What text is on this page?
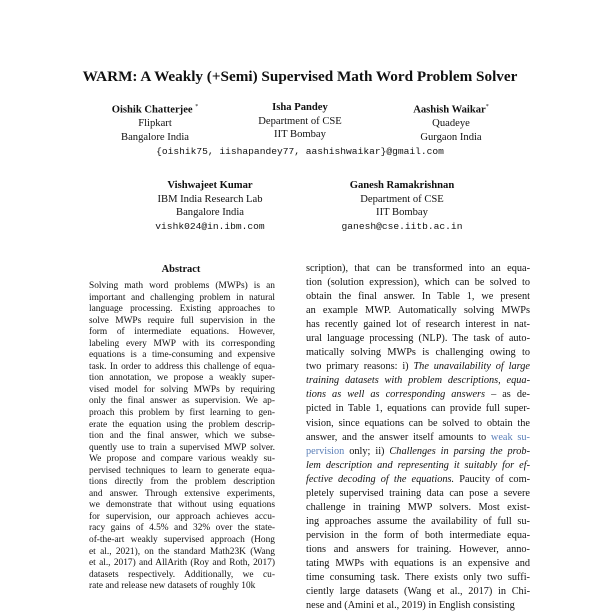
WARM: A Weakly (+Semi) Supervised Math Word Problem Solver
Oishik Chatterjee *
Flipkart
Bangalore India
Isha Pandey
Department of CSE
IIT Bombay
Aashish Waikar*
Quadeye
Gurgaon India
{oishik75, iishapandey77, aashishwaikar}@gmail.com
Vishwajeet Kumar
IBM India Research Lab
Bangalore India
vishk024@in.ibm.com
Ganesh Ramakrishnan
Department of CSE
IIT Bombay
ganesh@cse.iitb.ac.in
Abstract
Solving math word problems (MWPs) is an
important and challenging problem in natural
language processing. Existing approaches to
solve MWPs require full supervision in the
form of intermediate equations. However,
labeling every MWP with its corresponding
equations is a time-consuming and expensive
task. In order to address this challenge of equa-
tion annotation, we propose a weakly super-
vised model for solving MWPs by requiring
only the final answer as supervision. We ap-
proach this problem by first learning to gen-
erate the equation using the problem descrip-
tion and the final answer, which we subse-
quently use to train a supervised MWP solver.
We propose and compare various weakly su-
pervised techniques to learn to generate equa-
tions directly from the problem description
and answer. Through extensive experiments,
we demonstrate that without using equations
for supervision, our approach achieves accu-
racy gains of 4.5% and 32% over the state-
of-the-art weakly supervised approach (Hong
et al., 2021), on the standard Math23K (Wang
et al., 2017) and AllArith (Roy and Roth, 2017)
datasets respectively. Additionally, we cu-
rate and release new datasets of roughly 10k
scription), that can be transformed into an equa-
tion (solution expression), which can be solved to
obtain the final answer. In Table 1, we present
an example MWP. Automatically solving MWPs
has recently gained lot of research interest in nat-
ural language processing (NLP). The task of auto-
matically solving MWPs is challenging owing to
two primary reasons: i) The unavailability of large
training datasets with problem descriptions, equa-
tions as well as corresponding answers – as de-
picted in Table 1, equations can provide full super-
vision, since equations can be solved to obtain the
answer, and the answer itself amounts to weak su-
pervision only; ii) Challenges in parsing the prob-
lem description and representing it suitably for ef-
fective decoding of the equations. Paucity of com-
pletely supervised training data can pose a severe
challenge in training MWP solvers. Most exist-
ing approaches assume the availability of full su-
pervision in the form of both intermediate equa-
tions and answers for training. However, anno-
tating MWPs with equations is an expensive and
time consuming task. There exists only two suffi-
ciently large datasets (Wang et al., 2017) in Chi-
nese and (Amini et al., 2019) in English consisting
